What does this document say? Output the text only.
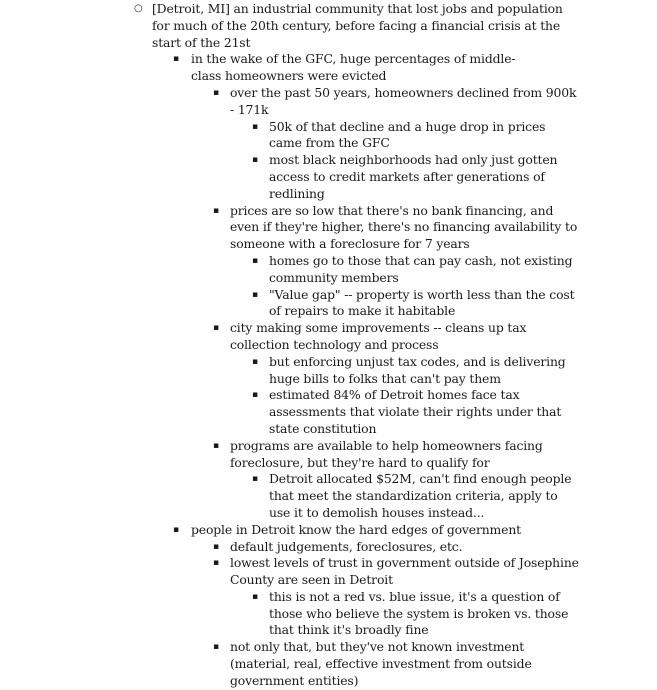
○ [Detroit, MI] an industrial community that lost jobs and population for much of the 20th century, before facing a financial crisis at the start of the 21st
▪ in the wake of the GFC, huge percentages of middle-class homeowners were evicted
▪ over the past 50 years, homeowners declined from 900k - 171k
▪ 50k of that decline and a huge drop in prices came from the GFC
▪ most black neighborhoods had only just gotten access to credit markets after generations of redlining
▪ prices are so low that there's no bank financing, and even if they're higher, there's no financing availability to someone with a foreclosure for 7 years
▪ homes go to those that can pay cash, not existing community members
▪ "Value gap" -- property is worth less than the cost of repairs to make it habitable
▪ city making some improvements -- cleans up tax collection technology and process
▪ but enforcing unjust tax codes, and is delivering huge bills to folks that can't pay them
▪ estimated 84% of Detroit homes face tax assessments that violate their rights under that state constitution
▪ programs are available to help homeowners facing foreclosure, but they're hard to qualify for
▪ Detroit allocated $52M, can't find enough people that meet the standardization criteria, apply to use it to demolish houses instead...
▪ people in Detroit know the hard edges of government
▪ default judgements, foreclosures, etc.
▪ lowest levels of trust in government outside of Josephine County are seen in Detroit
▪ this is not a red vs. blue issue, it's a question of those who believe the system is broken vs. those that think it's broadly fine
▪ not only that, but they've not known investment (material, real, effective investment from outside government entities)
